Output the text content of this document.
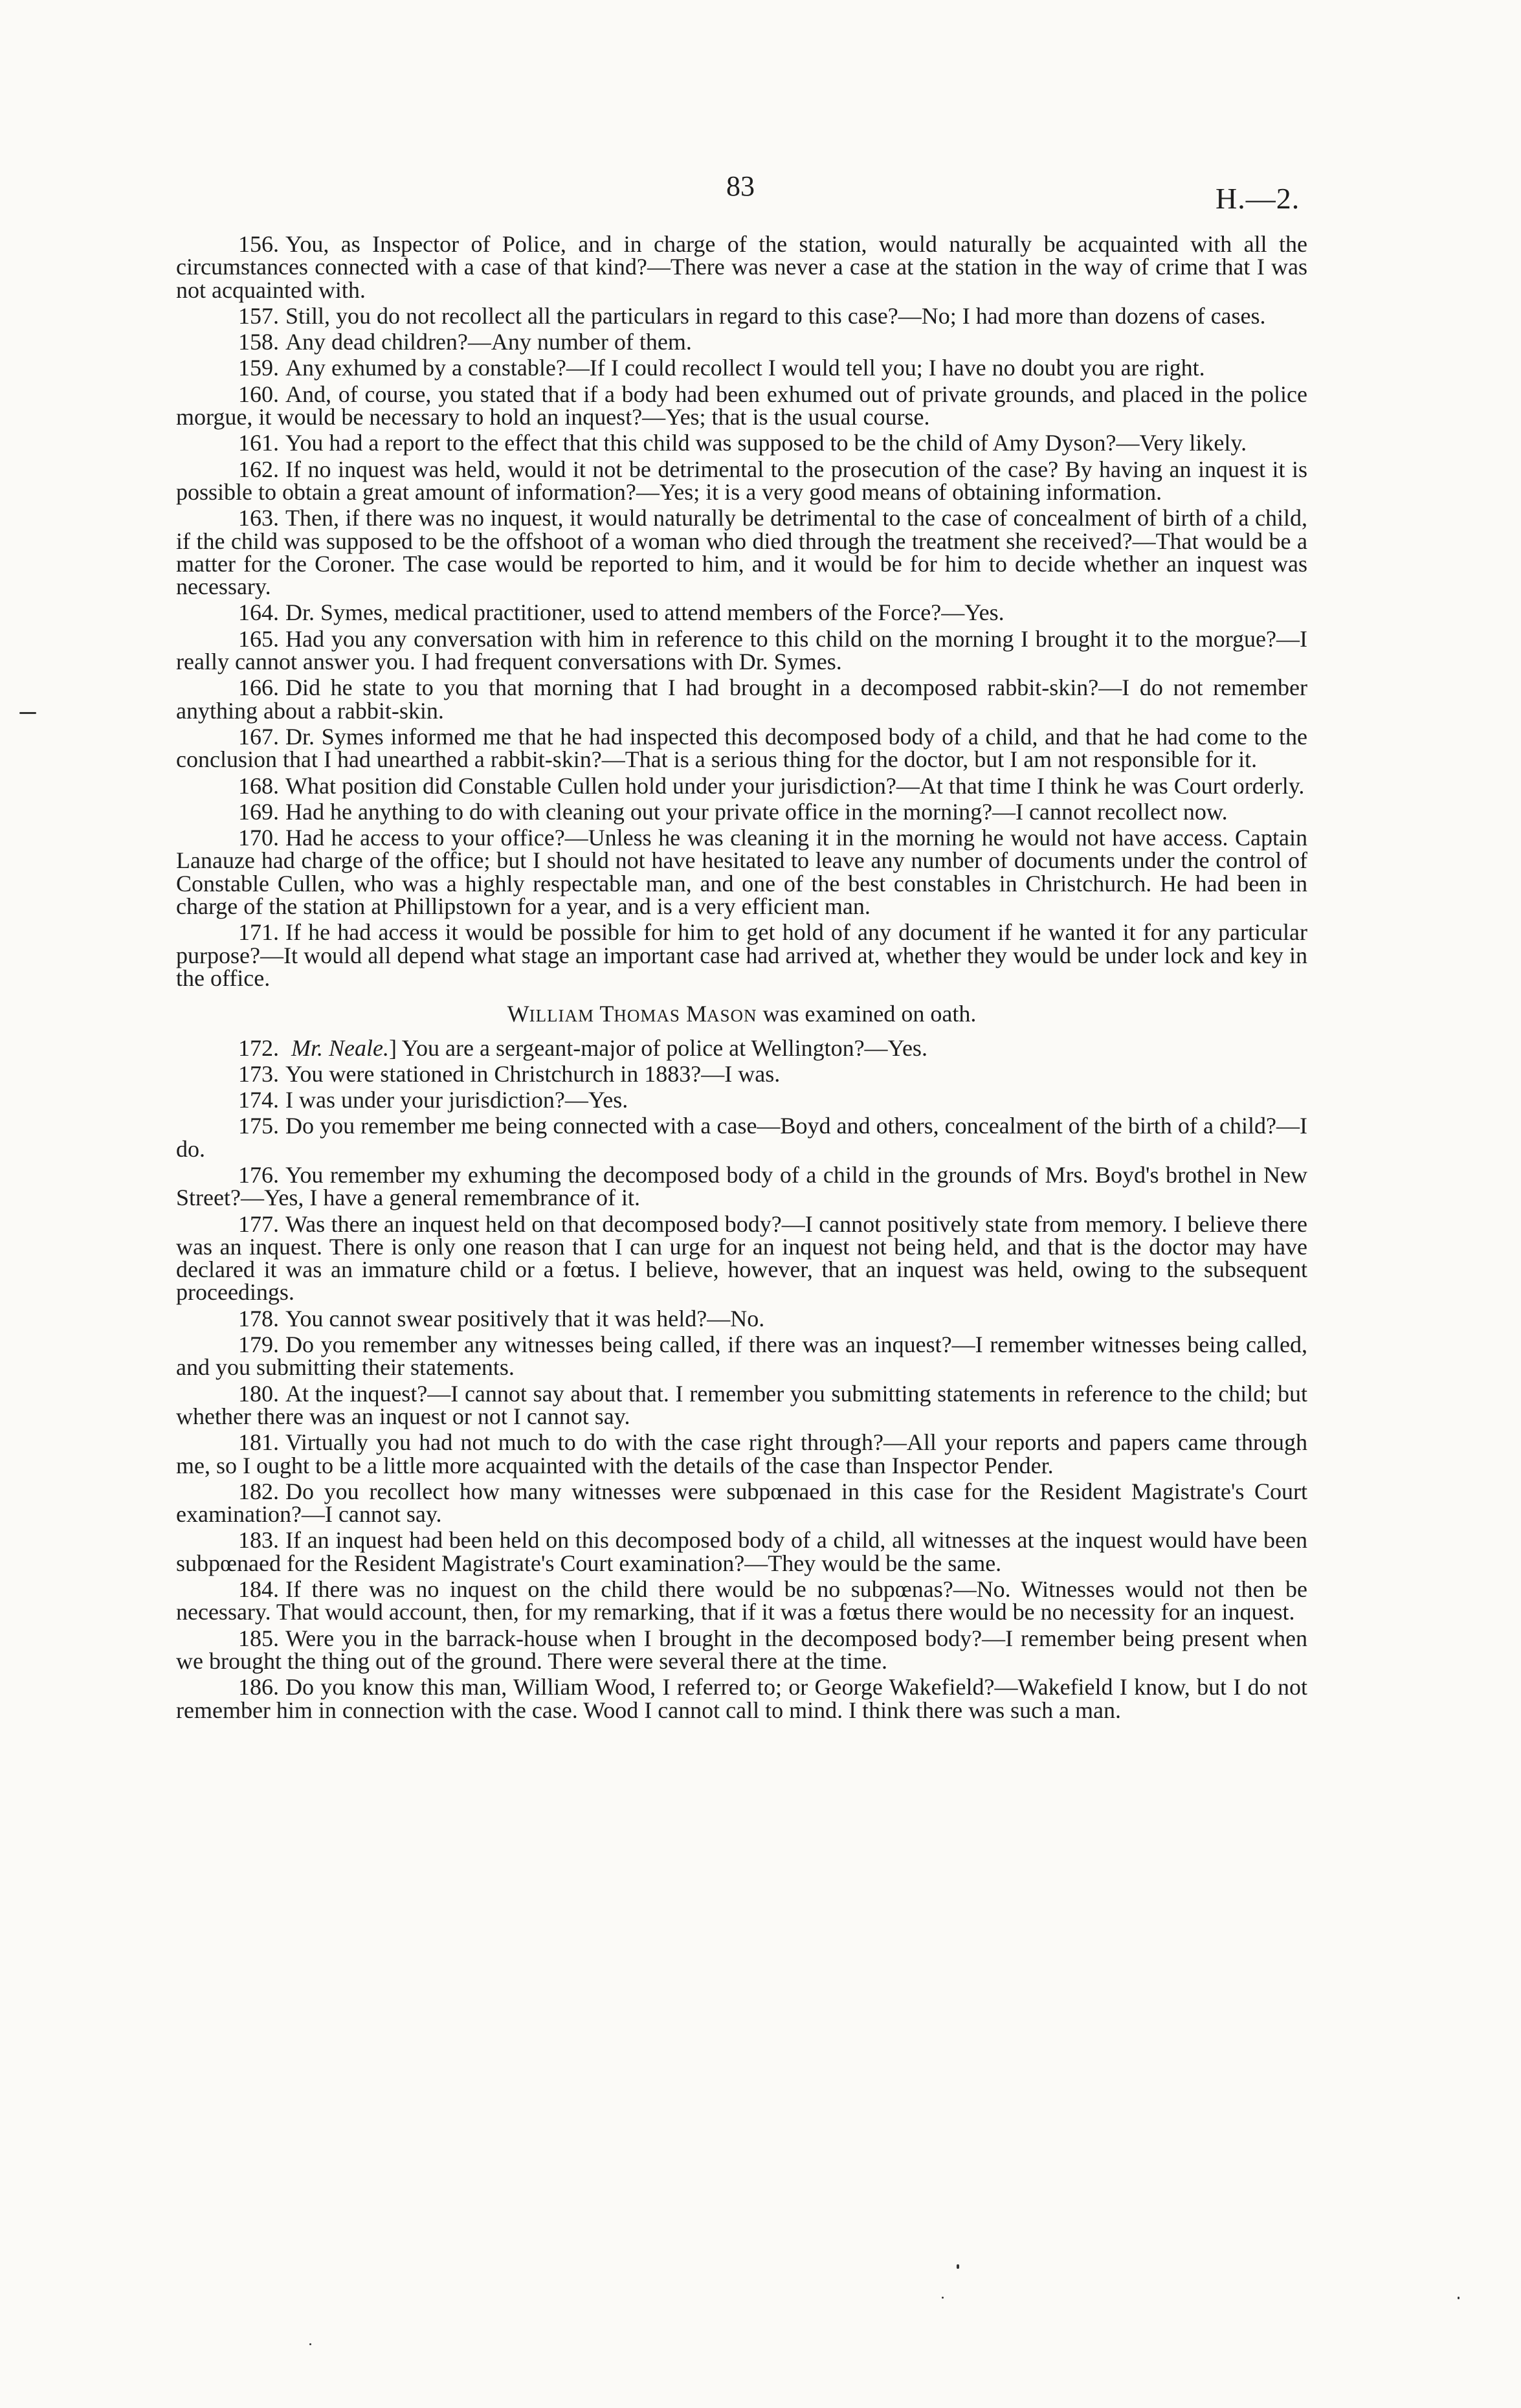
83	H.—2.

156. You, as Inspector of Police, and in charge of the station, would naturally be acquainted with all the circumstances connected with a case of that kind?—There was never a case at the station in the way of crime that I was not acquainted with.

157. Still, you do not recollect all the particulars in regard to this case?—No; I had more than dozens of cases.

158. Any dead children?—Any number of them.

159. Any exhumed by a constable?—If I could recollect I would tell you; I have no doubt you are right.

160. And, of course, you stated that if a body had been exhumed out of private grounds, and placed in the police morgue, it would be necessary to hold an inquest?—Yes; that is the usual course.

161. You had a report to the effect that this child was supposed to be the child of Amy Dyson?—Very likely.

162. If no inquest was held, would it not be detrimental to the prosecution of the case? By having an inquest it is possible to obtain a great amount of information?—Yes; it is a very good means of obtaining information.

163. Then, if there was no inquest, it would naturally be detrimental to the case of concealment of birth of a child, if the child was supposed to be the offshoot of a woman who died through the treatment she received?—That would be a matter for the Coroner. The case would be reported to him, and it would be for him to decide whether an inquest was necessary.

164. Dr. Symes, medical practitioner, used to attend members of the Force?—Yes.

165. Had you any conversation with him in reference to this child on the morning I brought it to the morgue?—I really cannot answer you. I had frequent conversations with Dr. Symes.

166. Did he state to you that morning that I had brought in a decomposed rabbit-skin?—I do not remember anything about a rabbit-skin.

167. Dr. Symes informed me that he had inspected this decomposed body of a child, and that he had come to the conclusion that I had unearthed a rabbit-skin?—That is a serious thing for the doctor, but I am not responsible for it.

168. What position did Constable Cullen hold under your jurisdiction?—At that time I think he was Court orderly.

169. Had he anything to do with cleaning out your private office in the morning?—I cannot recollect now.

170. Had he access to your office?—Unless he was cleaning it in the morning he would not have access. Captain Lanauze had charge of the office; but I should not have hesitated to leave any number of documents under the control of Constable Cullen, who was a highly respectable man, and one of the best constables in Christchurch. He had been in charge of the station at Phillipstown for a year, and is a very efficient man.

171. If he had access it would be possible for him to get hold of any document if he wanted it for any particular purpose?—It would all depend what stage an important case had arrived at, whether they would be under lock and key in the office.

WILLIAM THOMAS MASON was examined on oath.

172. Mr. Neale.] You are a sergeant-major of police at Wellington?—Yes.

173. You were stationed in Christchurch in 1883?—I was.

174. I was under your jurisdiction?—Yes.

175. Do you remember me being connected with a case—Boyd and others, concealment of the birth of a child?—I do.

176. You remember my exhuming the decomposed body of a child in the grounds of Mrs. Boyd's brothel in New Street?—Yes, I have a general remembrance of it.

177. Was there an inquest held on that decomposed body?—I cannot positively state from memory. I believe there was an inquest. There is only one reason that I can urge for an inquest not being held, and that is the doctor may have declared it was an immature child or a fœtus. I believe, however, that an inquest was held, owing to the subsequent proceedings.

178. You cannot swear positively that it was held?—No.

179. Do you remember any witnesses being called, if there was an inquest?—I remember witnesses being called, and you submitting their statements.

180. At the inquest?—I cannot say about that. I remember you submitting statements in reference to the child; but whether there was an inquest or not I cannot say.

181. Virtually you had not much to do with the case right through?—All your reports and papers came through me, so I ought to be a little more acquainted with the details of the case than Inspector Pender.

182. Do you recollect how many witnesses were subpœnaed in this case for the Resident Magistrate's Court examination?—I cannot say.

183. If an inquest had been held on this decomposed body of a child, all witnesses at the inquest would have been subpœnaed for the Resident Magistrate's Court examination?—They would be the same.

184. If there was no inquest on the child there would be no subpœnas?—No. Witnesses would not then be necessary. That would account, then, for my remarking, that if it was a fœtus there would be no necessity for an inquest.

185. Were you in the barrack-house when I brought in the decomposed body?—I remember being present when we brought the thing out of the ground. There were several there at the time.

186. Do you know this man, William Wood, I referred to; or George Wakefield?—Wakefield I know, but I do not remember him in connection with the case. Wood I cannot call to mind. I think there was such a man.
